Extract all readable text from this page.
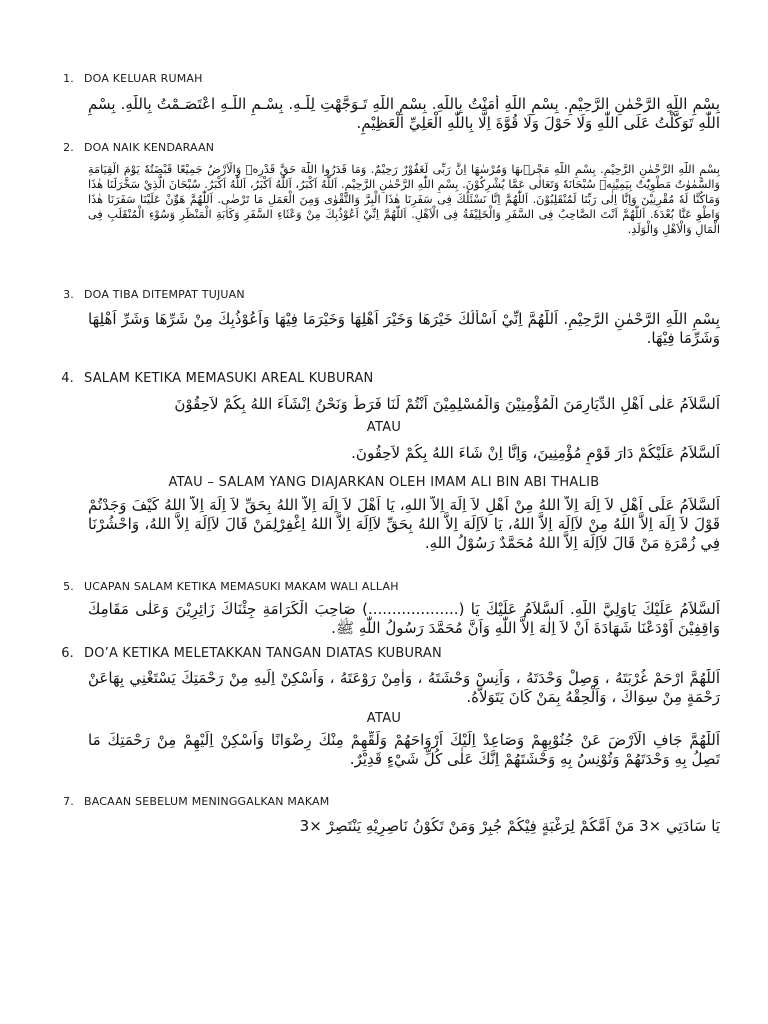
1. DOA KELUAR RUMAH
بِسْمِ اللَّهِ الرَّحْمٰنِ الرَّحِيْمِ. بِسْمِ اللّٰهِ أَمَنْتُ بِاللّٰهِ. بِسْمِ اللّٰهِ تَـوَجَّهْتِ لِلّٰـهِ. بِسْـمِ اللّٰـهِ اعْتَصَـمْتُ بِاللّٰهِ. بِسْمِ اللّٰهِ تَوَكَّلْتُ عَلَى اللّٰهِ وَلَا حَوْلَ وَلَا قُوَّةَ اِلَّا بِاللّٰهِ الْعَلِيِّ الْعَظِيْمِ.
2. DOA NAIK KENDARAAN
بِسْمِ اللّٰهِ الرَّحْمٰنِ الرَّحِيْمِ. بِسْمِ اللّٰهِ مَجْرٖىهَا وَمُرْسٰهَا اِنَّ رَبِّى لَغَفُوْرٌ رَحِيْمٌ. وَمَا قَدَرُوا اللّٰهَ حَقَّ قَدْرِهٖ وَالْاَرْضُ جَمِيْعًا قَبْضَتُهٗ يَوْمَ الْقِيَامَةِ وَالسَّمٰوٰتُ مَطْوِيّٰتٌ بِيَمِيْنِهٖ سُبْحَانَهٗ وَتَعَالٰى عَمَّا يُشْرِكُوْنَ. بِسْمِ اللّٰهِ الرَّحْمٰنِ الرَّحِيْمِ. اَللّٰهُ اَكْبَرُ، اَللّٰهُ اَكْبَرُ، اَللّٰهُ اَكْبَرُ. سُبْحَانَ الَّذِيْ سَخَّرَلَنَا هٰذَا وَمَاكُنَّا لَهٗ مُقْرِنِيْنَ وَاِنَّا اِلٰى رَبِّنَا لَمُنْقَلِبُوْنَ. اَللّٰهُمَّ اِنَّا نَسْئَلُكَ فِى سَفَرِنَا هٰذَا الْبِرَّ وَالتَّقْوٰى وَمِنَ الْعَمَلِ مَا تَرْضٰى. اَللّٰهُمَّ هَوِّنْ عَلَيْنَا سَفَرَنَا هٰذَا وَاطْوِ عَنَّا بُعْدَهٗ. اَللّٰهُمَّ اَنْتَ الصَّاحِبُ فِى السَّفَرِ وَالْخَلِيْفَةُ فِى الْاَهْلِ. اَللّٰهُمَّ اِنِّيْ اَعُوْذُبِكَ مِنْ وَعْثَاءِ السَّفَرِ وَكَاٰبَةِ الْمَنْظَرِ وَسُوْءِ الْمُنْقَلَبِ فِى الْمَالِ وَالْاَهْلِ وَالْوَلَدِ.
3. DOA TIBA DITEMPAT TUJUAN
بِسْمِ اللّٰهِ الرَّحْمٰنِ الرَّحِيْمِ. اَللّٰهُمَّ اِنِّيْ اَسْأَلُكَ خَيْرَهَا وَخَيْرَ اَهْلِهَا وَخَيْرَمَا فِيْهَا وَاَعُوْذُبِكَ مِنْ شَرِّهَا وَشَرِّ اَهْلِهَا وَشَرِّمَا فِيْهَا.
4. SALAM KETIKA MEMASUKI AREAL KUBURAN
اَلسَّلاَمُ عَلٰى اَهْلِ الدِّيَارِمَنَ الْمُؤْمِنِيْنَ وَالْمُسْلِمِيْنَ اَنْتُمْ لَنَا فَرَطٌ وَنَحْنُ اِنْشَاَءَ اللهُ بِكُمْ لاَحِقُوْنَ
ATAU
اَلسَّلاَمُ عَلَيْكُمْ دَارَ قَوْمٍ مُؤْمِنِينَ، وَاِنَّا اِنْ شَاءَ اللهُ بِكُمْ لاَحِقُونَ.
ATAU – SALAM YANG DIAJARKAN OLEH IMAM ALI BIN ABI THALIB
اَلسَّلاَمُ عَلَى اَهْلِ لاَ اِلَهَ اِلاَّ اللهُ مِنْ اَهْلِ لاَ اِلَهَ اِلاَّ اللهِ، يَا اَهْلَ لاَ اِلَهَ اِلاَّ اللهُ بِحَقِّ لاَ اِلَهَ اِلاَّ اللهُ كَيْفَ وَجَدْتُمْ قَوْلَ لاَ اِلَهَ اِلاَّ اللهُ مِنْ لاَاِلَهَ اِلاَّ اللهُ، يَا لاَاِلَهَ اِلاَّ اللهُ بِحَقِّ لاَاِلَهَ اِلاَّ اللهُ اِغْفِرْلِمَنْ قَالَ لاَاِلَهَ اِلاَّ اللهُ، وَاحْشُرْنَا فِي زُمْرَةِ مَنْ قَالَ لاَاِلَهَ اِلاَّ اللهُ مُحَمَّدٌ رَسُوْلُ اللهِ.
5. UCAPAN SALAM KETIKA MEMASUKI MAKAM WALI ALLAH
اَلسَّلاَمُ عَلَيْكَ يَاوَلِيَّ اللّٰهِ. اَلسَّلاَمُ عَلَيْكَ يَا (...................) صَاحِبَ الْكَرَامَةِ جِئْنَاكَ زَائِرِيْنَ وَعَلٰى مَقَامِكَ وَاقِفِيْنَ اَوْدَعْنَا شَهَادَةَ اَنْ لاَ اِلٰهَ اِلاَّ اللّٰهِ وَاَنَّ مُحَمَّدَ رَسُولُ اللّٰهِ ﷺ.
6. DO’A KETIKA MELETAKKAN TANGAN DIATAS KUBURAN
اَللّٰهُمَّ ارْحَمْ غُرْبَتَهُ ، وَصِلْ وَحْدَتَهُ ، وَاَنِسْ وَحْشَتَهُ ، وَاٰمِنْ رَوْعَتَهُ ، وَاَسْكِنْ اِلَيهِ مِنْ رَحْمَتِكَ يَسْتَغْنِي بِهَاعَنْ رَحْمَةٍ مِنْ سِوَاكَ ، وَاَلْحِقْهُ بِمَنْ كَانَ يَتَوَلاَّهُ.
ATAU
اَللّٰهُمَّ جَافِ الْاَرْضَ عَنْ جُنُوْبِهِمْ وَصَاعِدْ اِلَيْكَ اَرْوَاحَهُمْ وَلَقِّهِمْ مِنْكَ رِضْوَانًا وَاَسْكِنْ اِلَيْهِمْ مِنْ رَحْمَتِكَ مَا تَصِلُ بِهِ وَحْدَتَهُمْ وَتُوْنِسُ بِهِ وَحْشَتَهُمْ اِنَّكَ عَلٰى كُلِّ شَيْءٍ قَدِيْرٌ.
7. BACAAN SEBELUM MENINGGALKAN MAKAM
يَا سَادَتِي ×3 مَنْ اَمَّكُمْ لِرَغْبَةٍ فِيْكُمْ جُبِرْ وَمَنْ تَكُوْنُ نَاصِرِيْهِ يَنْتَصِرْ ×3
